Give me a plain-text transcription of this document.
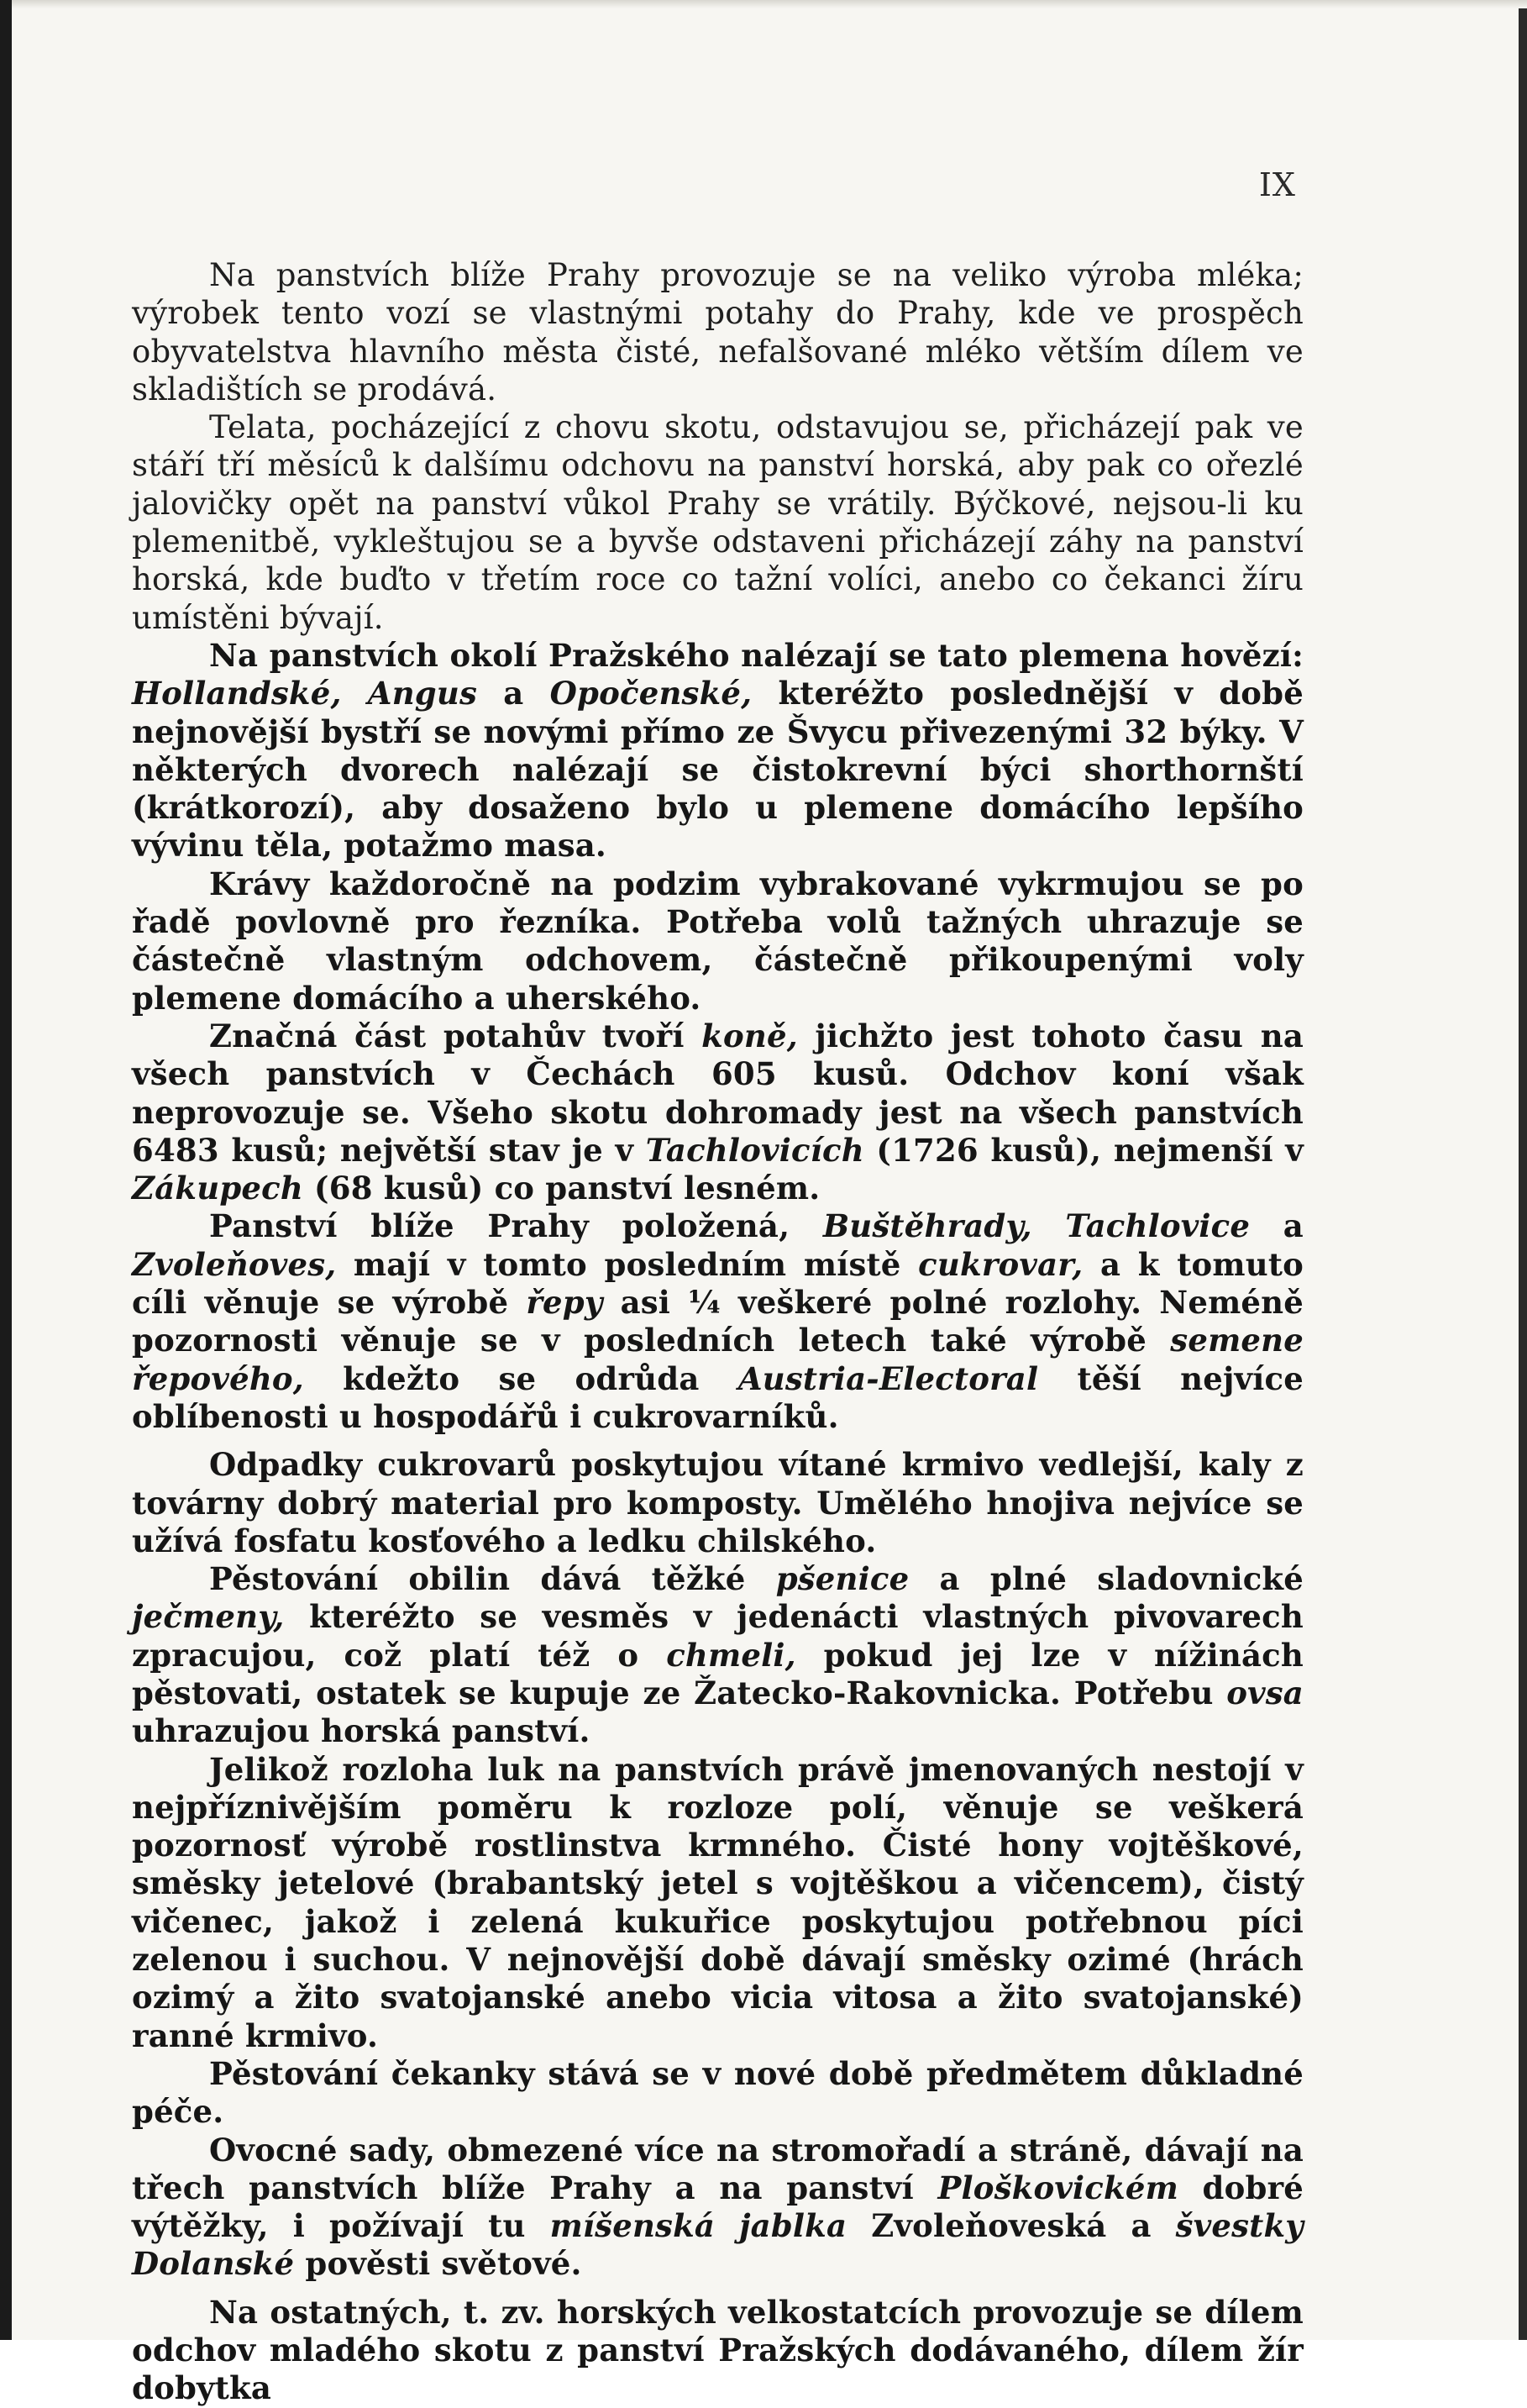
IX

Na panstvích blíže Prahy provozuje se na veliko výroba mléka; výrobek tento vozí se vlastnými potahy do Prahy, kde ve prospěch obyvatelstva hlavního města čisté, nefalšované mléko větším dílem ve skladištích se prodává.

Telata, pocházející z chovu skotu, odstavujou se, přicházejí pak ve stáří tří měsíců k dalšímu odchovu na panství horská, aby pak co ořezlé jalovičky opět na panství vůkol Prahy se vrátily. Býčkové, nejsou-li ku plemenitbě, vykleštujou se a byvše odstaveni přicházejí záhy na panství horská, kde buďto v třetím roce co tažní volíci, anebo co čekanci žíru umístěni bývají.

Na panstvích okolí Pražského nalézají se tato plemena hovězí: Hollandské, Angus a Opočenské, kteréžto poslednější v době nejnovější bystří se novými přímo ze Švycu přivezenými 32 býky. V některých dvorech nalézají se čistokrevní býci shorthornští (krátkorozí), aby dosaženo bylo u plemene domácího lepšího vývinu těla, potažmo masa.

Krávy každoročně na podzim vybrakované vykrmujou se po řadě povlovně pro řezníka. Potřeba volů tažných uhrazuje se částečně vlastným odchovem, částečně přikoupenými voly plemene domácího a uherského.

Značná část potahův tvoří koně, jichžto jest tohoto času na všech panstvích v Čechách 605 kusů. Odchov koní však neprovozuje se. Všeho skotu dohromady jest na všech panstvích 6483 kusů; největší stav je v Tachlovicích (1726 kusů), nejmenší v Zákupech (68 kusů) co panství lesném.

Panství blíže Prahy položená, Buštěhrady, Tachlovice a Zvoleňoves, mají v tomto posledním místě cukrovar, a k tomuto cíli věnuje se výrobě řepy asi ¼ veškeré polné rozlohy. Neméně pozornosti věnuje se v posledních letech také výrobě semene řepového, kdežto se odrůda Austria-Electoral těší nejvíce oblíbenosti u hospodářů i cukrovarníků.

Odpadky cukrovarů poskytujou vítané krmivo vedlejší, kaly z továrny dobrý material pro komposty. Umělého hnojiva nejvíce se užívá fosfatu kosťového a ledku chilského.

Pěstování obilin dává těžké pšenice a plné sladovnické ječmeny, kteréžto se vesměs v jedenácti vlastných pivovarech zpracujou, což platí též o chmeli, pokud jej lze v nížinách pěstovati, ostatek se kupuje ze Žatecko-Rakovnicka. Potřebu ovsa uhrazujou horská panství.

Jelikož rozloha luk na panstvích právě jmenovaných nestojí v nejpříznivějším poměru k rozloze polí, věnuje se veškerá pozornosť výrobě rostlinstva krmného. Čisté hony vojtěškové, směsky jetelové (brabantský jetel s vojtěškou a vičencem), čistý vičenec, jakož i zelená kukuřice poskytujou potřebnou píci zelenou i suchou. V nejnovější době dávají směsky ozimé (hrách ozimý a žito svatojanské anebo vicia vitosa a žito svatojanské) ranné krmivo.

Pěstování čekanky stává se v nové době předmětem důkladné péče.

Ovocné sady, obmezené více na stromořadí a stráně, dávají na třech panstvích blíže Prahy a na panství Ploškovickém dobré výtěžky, i požívají tu míšenská jablka Zvoleňoveská a švestky Dolanské pověsti světové.

Na ostatných, t. zv. horských velkostatcích provozuje se dílem odchov mladého skotu z panství Pražských dodávaného, dílem žír dobytka
